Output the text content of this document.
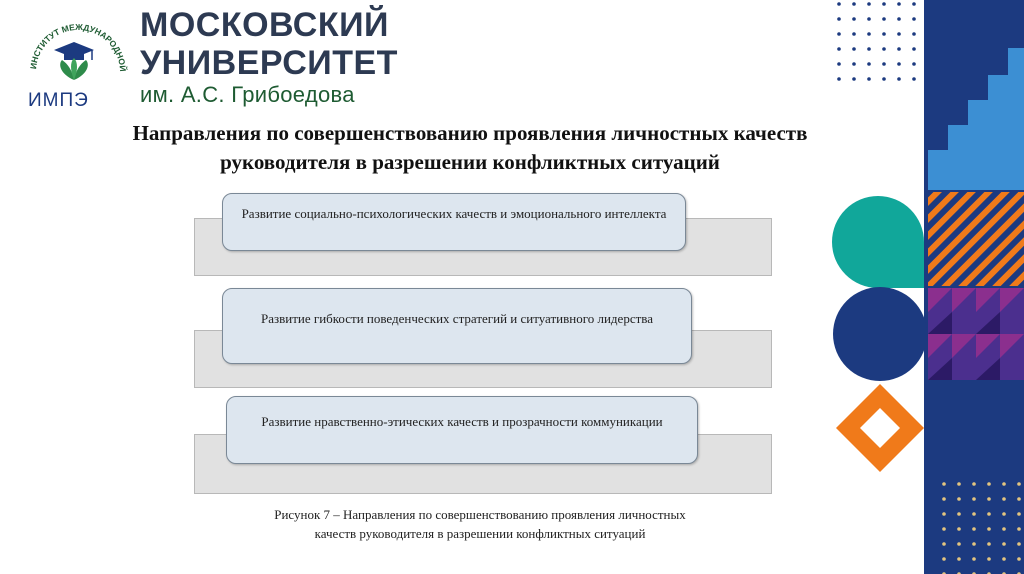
ИНСТИТУТ МЕЖДУНАРОДНОЙ
ИМПЭ
МОСКОВСКИЙ
УНИВЕРСИТЕТ
им. А.С. Грибоедова
Направления по совершенствованию проявления личностных качеств
руководителя в разрешении конфликтных ситуаций
Развитие социально-психологических качеств и эмоционального интеллекта
Развитие гибкости поведенческих стратегий и ситуативного лидерства
Развитие нравственно-этических качеств и прозрачности коммуникации
Рисунок 7 – Направления по совершенствованию проявления личностных
качеств руководителя в разрешении конфликтных ситуаций
